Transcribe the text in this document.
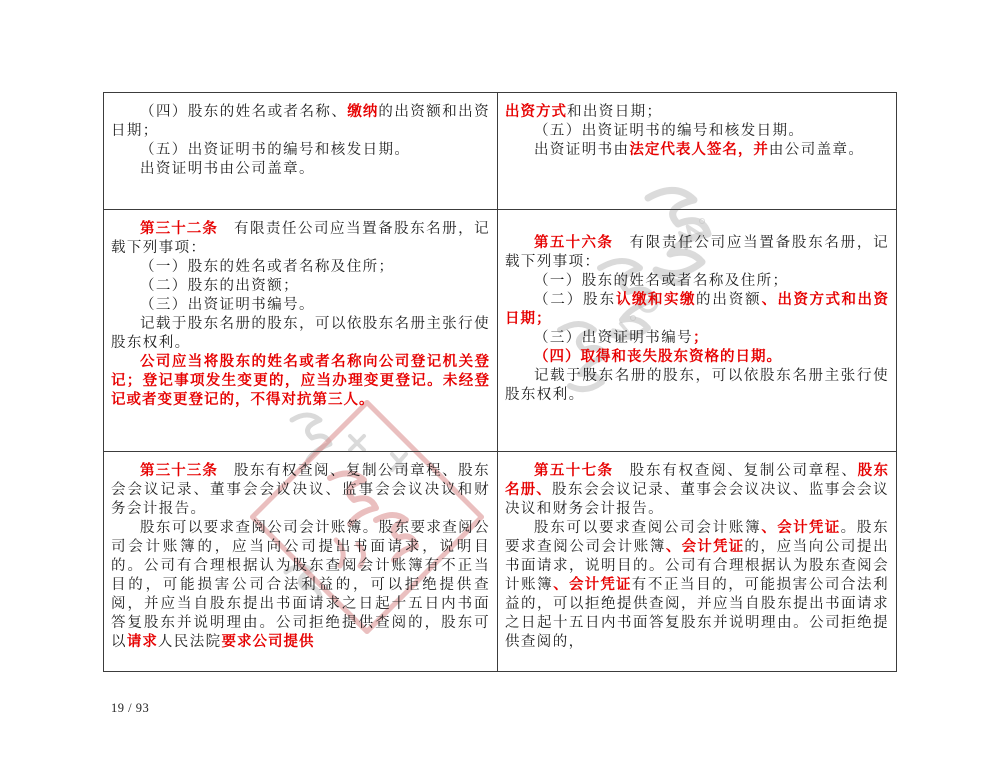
（四）股东的姓名或者名称、缴纳的出资额和出资日期；

（五）出资证明书的编号和核发日期。

出资证明书由公司盖章。

出资方式和出资日期；

（五）出资证明书的编号和核发日期。

出资证明书由法定代表人签名，并由公司盖章。

第三十二条　有限责任公司应当置备股东名册，记载下列事项：

（一）股东的姓名或者名称及住所；

（二）股东的出资额；

（三）出资证明书编号。

记载于股东名册的股东，可以依股东名册主张行使股东权利。

公司应当将股东的姓名或者名称向公司登记机关登记；登记事项发生变更的，应当办理变更登记。未经登记或者变更登记的，不得对抗第三人。

第五十六条　有限责任公司应当置备股东名册，记载下列事项：

（一）股东的姓名或者名称及住所；

（二）股东认缴和实缴的出资额、出资方式和出资日期；

（三）出资证明书编号；

（四）取得和丧失股东资格的日期。

记载于股东名册的股东，可以依股东名册主张行使股东权利。

第三十三条　股东有权查阅、复制公司章程、股东会会议记录、董事会会议决议、监事会会议决议和财务会计报告。

股东可以要求查阅公司会计账簿。股东要求查阅公司会计账簿的，应当向公司提出书面请求，说明目的。公司有合理根据认为股东查阅会计账簿有不正当目的，可能损害公司合法利益的，可以拒绝提供查阅，并应当自股东提出书面请求之日起十五日内书面答复股东并说明理由。公司拒绝提供查阅的，股东可以请求人民法院要求公司提供

第五十七条　股东有权查阅、复制公司章程、股东名册、股东会会议记录、董事会会议决议、监事会会议决议和财务会计报告。

股东可以要求查阅公司会计账簿、会计凭证。股东要求查阅公司会计账簿、会计凭证的，应当向公司提出书面请求，说明目的。公司有合理根据认为股东查阅会计账簿、会计凭证有不正当目的，可能损害公司合法利益的，可以拒绝提供查阅，并应当自股东提出书面请求之日起十五日内书面答复股东并说明理由。公司拒绝提供查阅的，

19 / 93
